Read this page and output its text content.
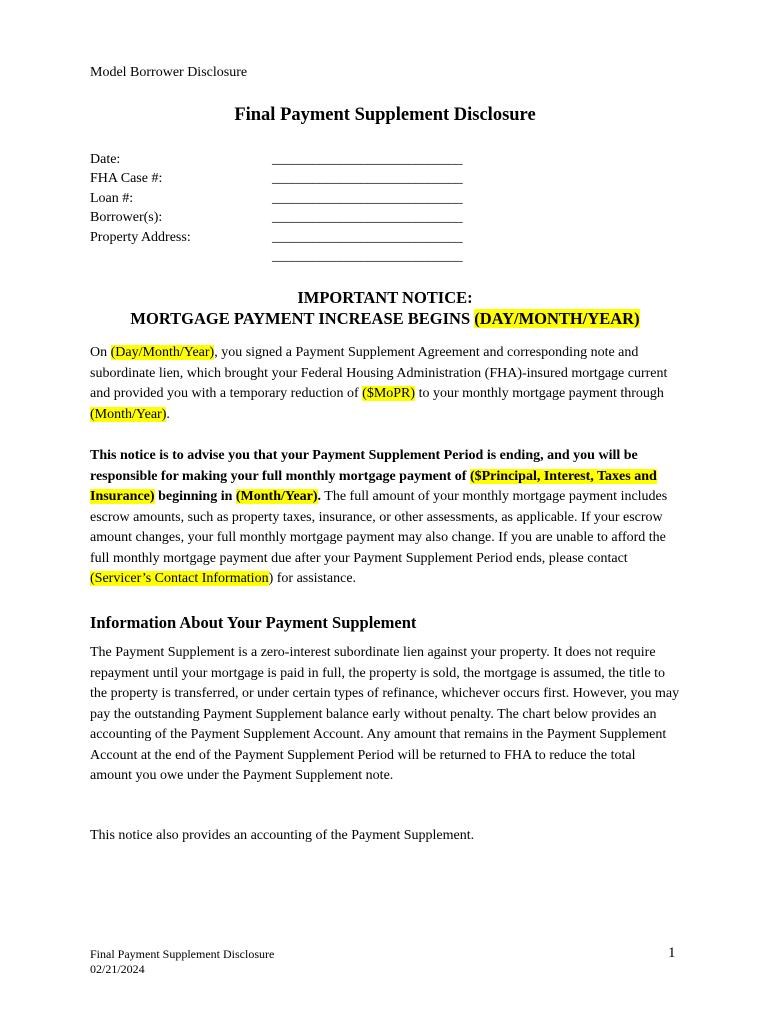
Model Borrower Disclosure
Final Payment Supplement Disclosure
Date:	____________________________
FHA Case #:	____________________________
Loan #:	____________________________
Borrower(s):	____________________________
Property Address:	____________________________
____________________________
IMPORTANT NOTICE:
MORTGAGE PAYMENT INCREASE BEGINS (DAY/MONTH/YEAR)

On (Day/Month/Year), you signed a Payment Supplement Agreement and corresponding note and subordinate lien, which brought your Federal Housing Administration (FHA)-insured mortgage current and provided you with a temporary reduction of ($MoPR) to your monthly mortgage payment through (Month/Year).

This notice is to advise you that your Payment Supplement Period is ending, and you will be responsible for making your full monthly mortgage payment of ($Principal, Interest, Taxes and Insurance) beginning in (Month/Year). The full amount of your monthly mortgage payment includes escrow amounts, such as property taxes, insurance, or other assessments, as applicable. If your escrow amount changes, your full monthly mortgage payment may also change. If you are unable to afford the full monthly mortgage payment due after your Payment Supplement Period ends, please contact (Servicer’s Contact Information) for assistance.

Information About Your Payment Supplement

The Payment Supplement is a zero-interest subordinate lien against your property. It does not require repayment until your mortgage is paid in full, the property is sold, the mortgage is assumed, the title to the property is transferred, or under certain types of refinance, whichever occurs first. However, you may pay the outstanding Payment Supplement balance early without penalty. The chart below provides an accounting of the Payment Supplement Account. Any amount that remains in the Payment Supplement Account at the end of the Payment Supplement Period will be returned to FHA to reduce the total amount you owe under the Payment Supplement note.

This notice also provides an accounting of the Payment Supplement.

Final Payment Supplement Disclosure
02/21/2024
1
